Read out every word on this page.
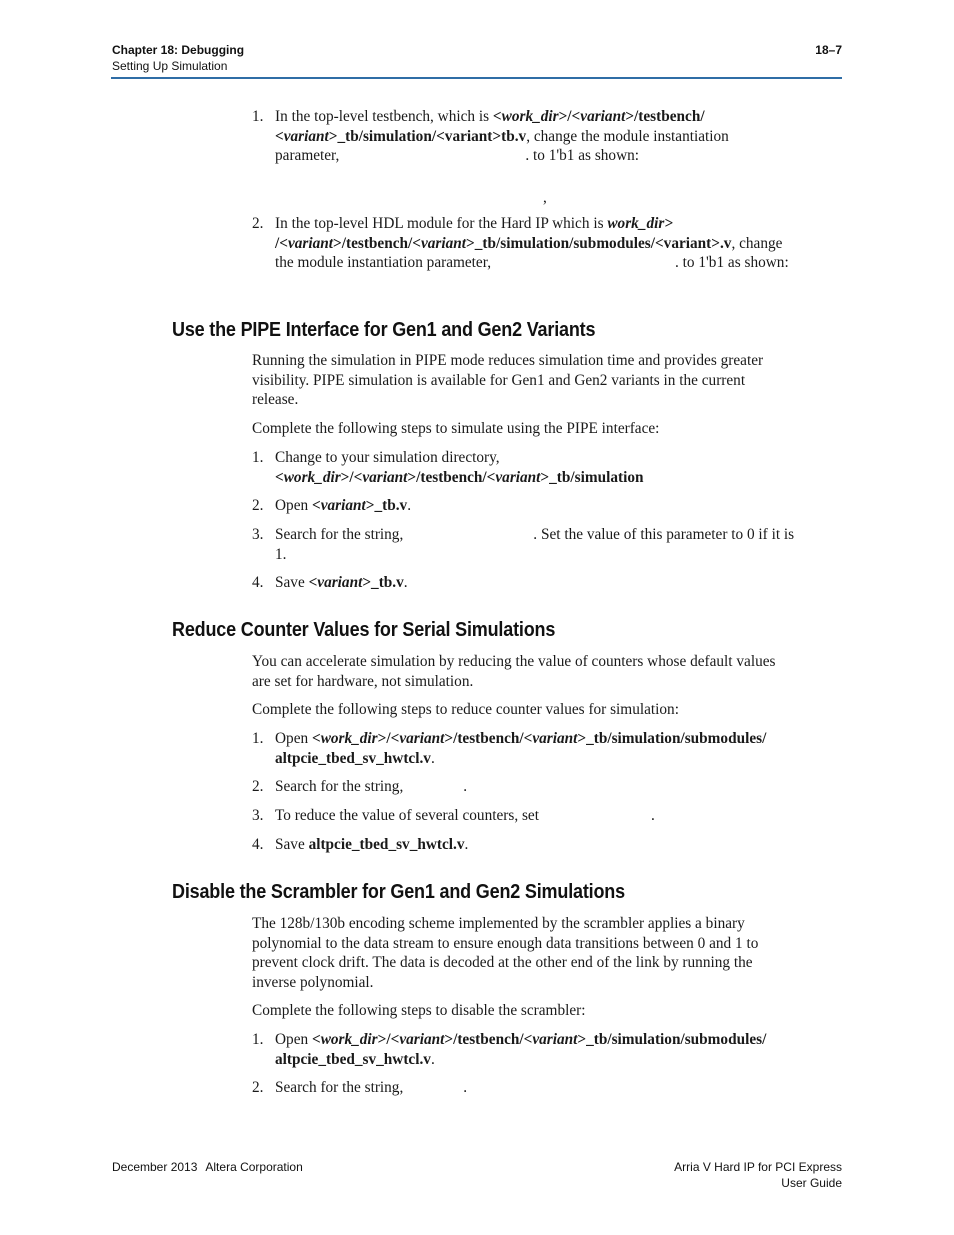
Chapter 18: Debugging
Setting Up Simulation
18–7
1. In the top-level testbench, which is <work_dir>/<variant>/testbench/
<variant>_tb/simulation/<variant>tb.v, change the module instantiation
parameter,	. to 1'b1 as shown:
,
2. In the top-level HDL module for the Hard IP which is work_dir>
/<variant>/testbench/<variant>_tb/simulation/submodules/<variant>.v, change
the module instantiation parameter,	. to 1'b1 as shown:
Use the PIPE Interface for Gen1 and Gen2 Variants
Running the simulation in PIPE mode reduces simulation time and provides greater
visibility. PIPE simulation is available for Gen1 and Gen2 variants in the current
release.
Complete the following steps to simulate using the PIPE interface:
1. Change to your simulation directory,
<work_dir>/<variant>/testbench/<variant>_tb/simulation
2. Open <variant>_tb.v.
3. Search for the string,	. Set the value of this parameter to 0 if it is
1.
4. Save <variant>_tb.v.
Reduce Counter Values for Serial Simulations
You can accelerate simulation by reducing the value of counters whose default values
are set for hardware, not simulation.
Complete the following steps to reduce counter values for simulation:
1. Open <work_dir>/<variant>/testbench/<variant>_tb/simulation/submodules/
altpcie_tbed_sv_hwtcl.v.
2. Search for the string,	.
3. To reduce the value of several counters, set	.
4. Save altpcie_tbed_sv_hwtcl.v.
Disable the Scrambler for Gen1 and Gen2 Simulations
The 128b/130b encoding scheme implemented by the scrambler applies a binary
polynomial to the data stream to ensure enough data transitions between 0 and 1 to
prevent clock drift. The data is decoded at the other end of the link by running the
inverse polynomial.
Complete the following steps to disable the scrambler:
1. Open <work_dir>/<variant>/testbench/<variant>_tb/simulation/submodules/
altpcie_tbed_sv_hwtcl.v.
2. Search for the string,	.
December 2013 Altera Corporation	Arria V Hard IP for PCI Express
User Guide
